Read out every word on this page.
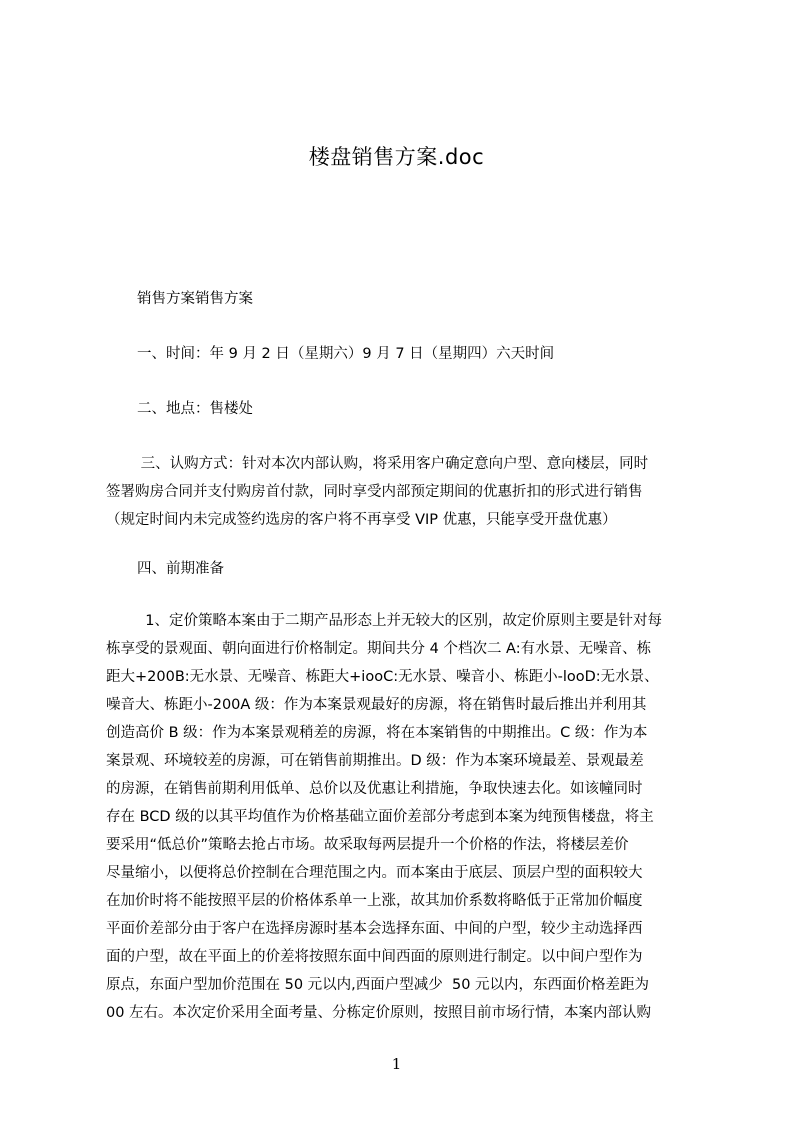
楼盘销售方案.doc
销售方案销售方案
一、时间：年 9 月 2 日（星期六）9 月 7 日（星期四）六天时间
二、地点：售楼处
三、认购方式：针对本次内部认购，将采用客户确定意向户型、意向楼层，同时
签署购房合同并支付购房首付款，同时享受内部预定期间的优惠折扣的形式进行销售
（规定时间内未完成签约选房的客户将不再享受 VIP 优惠，只能享受开盘优惠）
四、前期准备
1、定价策略本案由于二期产品形态上并无较大的区别，故定价原则主要是针对每
栋享受的景观面、朝向面进行价格制定。期间共分 4 个档次二 A:有水景、无噪音、栋
距大+200B:无水景、无噪音、栋距大+iooC:无水景、噪音小、栋距小-looD:无水景、
噪音大、栋距小-200A 级：作为本案景观最好的房源，将在销售时最后推出并利用其
创造高价 B 级：作为本案景观稍差的房源，将在本案销售的中期推出。C 级：作为本
案景观、环境较差的房源，可在销售前期推出。D 级：作为本案环境最差、景观最差
的房源，在销售前期利用低单、总价以及优惠让利措施，争取快速去化。如该幢同时
存在 BCD 级的以其平均值作为价格基础立面价差部分考虑到本案为纯预售楼盘，将主
要采用“低总价”策略去抢占市场。故采取每两层提升一个价格的作法，将楼层差价
尽量缩小，以便将总价控制在合理范围之内。而本案由于底层、顶层户型的面积较大
在加价时将不能按照平层的价格体系单一上涨，故其加价系数将略低于正常加价幅度
平面价差部分由于客户在选择房源时基本会选择东面、中间的户型，较少主动选择西
面的户型，故在平面上的价差将按照东面中间西面的原则进行制定。以中间户型作为
原点，东面户型加价范围在 50 元以内,西面户型减少  50 元以内，东西面价格差距为
00 左右。本次定价采用全面考量、分栋定价原则，按照目前市场行情，本案内部认购
1
